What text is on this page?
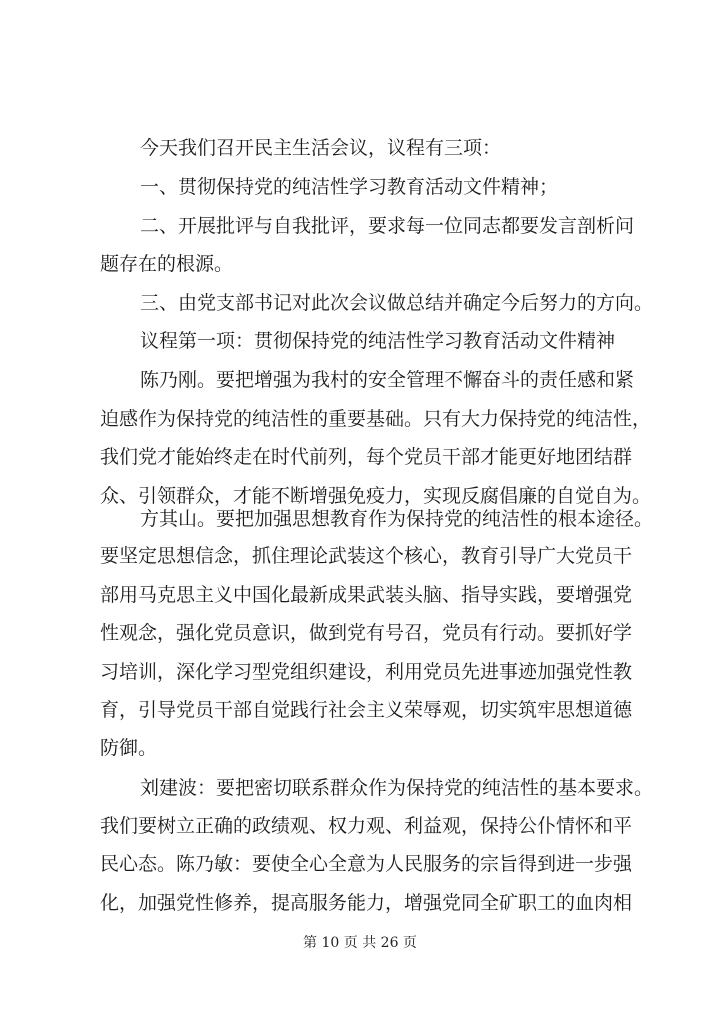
今天我们召开民主生活会议，议程有三项：
一、贯彻保持党的纯洁性学习教育活动文件精神；
二、开展批评与自我批评，要求每一位同志都要发言剖析问
题存在的根源。
三、由党支部书记对此次会议做总结并确定今后努力的方向。
议程第一项：贯彻保持党的纯洁性学习教育活动文件精神
陈乃刚。要把增强为我村的安全管理不懈奋斗的责任感和紧
迫感作为保持党的纯洁性的重要基础。只有大力保持党的纯洁性，
我们党才能始终走在时代前列，每个党员干部才能更好地团结群
众、引领群众，才能不断增强免疫力，实现反腐倡廉的自觉自为。
方其山。要把加强思想教育作为保持党的纯洁性的根本途径。
要坚定思想信念，抓住理论武装这个核心，教育引导广大党员干
部用马克思主义中国化最新成果武装头脑、指导实践，要增强党
性观念，强化党员意识，做到党有号召，党员有行动。要抓好学
习培训，深化学习型党组织建设，利用党员先进事迹加强党性教
育，引导党员干部自觉践行社会主义荣辱观，切实筑牢思想道德
防御。
刘建波：要把密切联系群众作为保持党的纯洁性的基本要求。
我们要树立正确的政绩观、权力观、利益观，保持公仆情怀和平
民心态。陈乃敏：要使全心全意为人民服务的宗旨得到进一步强
化，加强党性修养，提高服务能力，增强党同全矿职工的血肉相
第 10 页 共 26 页
